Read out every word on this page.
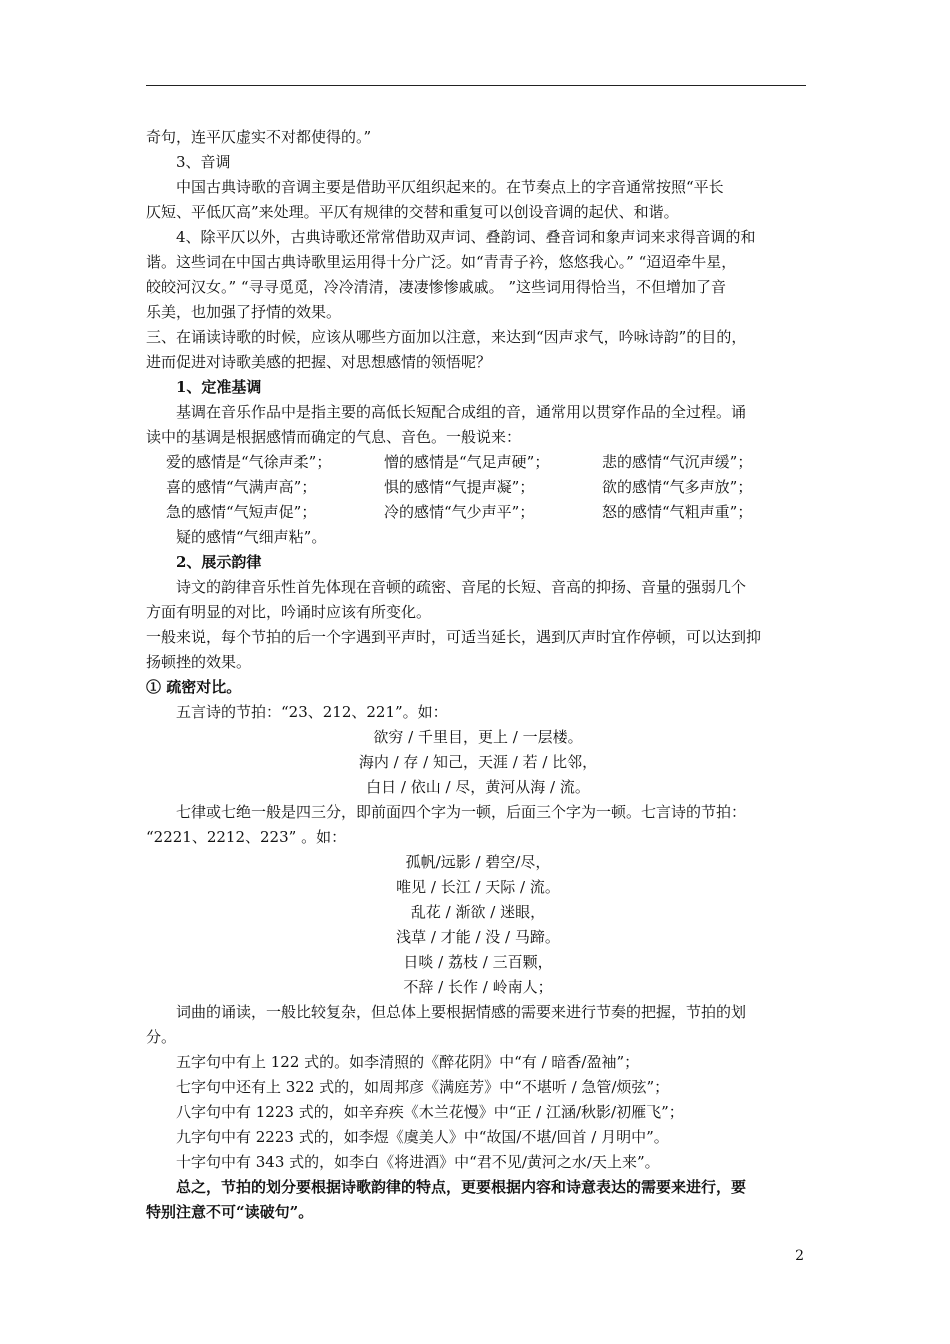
奇句，连平仄虚实不对都使得的。”
3、音调
中国古典诗歌的音调主要是借助平仄组织起来的。在节奏点上的字音通常按照“平长
仄短、平低仄高”来处理。平仄有规律的交替和重复可以创设音调的起伏、和谐。
4、除平仄以外，古典诗歌还常常借助双声词、叠韵词、叠音词和象声词来求得音调的和
谐。这些词在中国古典诗歌里运用得十分广泛。如“青青子衿，悠悠我心。” “迢迢牵牛星，
皎皎河汉女。” “寻寻觅觅，冷冷清清，凄凄惨惨戚戚。 ”这些词用得恰当，不但增加了音
乐美，也加强了抒情的效果。
三、在诵读诗歌的时候，应该从哪些方面加以注意，来达到“因声求气，吟咏诗韵”的目的，
进而促进对诗歌美感的把握、对思想感情的领悟呢？
1、定准基调
基调在音乐作品中是指主要的高低长短配合成组的音，通常用以贯穿作品的全过程。诵
读中的基调是根据感情而确定的气息、音色。一般说来：
爱的感情是“气徐声柔”；	憎的感情是“气足声硬”；	悲的感情“气沉声缓”；
喜的感情“气满声高”；	惧的感情“气提声凝”；	欲的感情“气多声放”；
急的感情“气短声促”；	冷的感情“气少声平”；	怒的感情“气粗声重”；
疑的感情“气细声粘”。
2、展示韵律
诗文的韵律音乐性首先体现在音顿的疏密、音尾的长短、音高的抑扬、音量的强弱几个
方面有明显的对比，吟诵时应该有所变化。
一般来说，每个节拍的后一个字遇到平声时，可适当延长，遇到仄声时宜作停顿，可以达到抑
扬顿挫的效果。
① 疏密对比。
五言诗的节拍：“23、212、221”。如：
欲穷 / 千里目，更上 / 一层楼。
海内 / 存 / 知己，天涯 / 若 / 比邻，
白日 / 依山 / 尽，黄河从海 / 流。
七律或七绝一般是四三分，即前面四个字为一顿，后面三个字为一顿。七言诗的节拍：
“2221、2212、223” 。如：
孤帆/远影 / 碧空/尽，
唯见 / 长江 / 天际 / 流。
乱花 / 渐欲 / 迷眼，
浅草 / 才能 / 没 / 马蹄。
日啖 / 荔枝 / 三百颗，
不辞 / 长作 / 岭南人；
词曲的诵读，一般比较复杂，但总体上要根据情感的需要来进行节奏的把握，节拍的划
分。
五字句中有上 122 式的。如李清照的《醉花阴》中“有 / 暗香/盈袖”；
七字句中还有上 322 式的，如周邦彦《满庭芳》中“不堪听 / 急管/烦弦”；
八字句中有 1223 式的，如辛弃疾《木兰花慢》中“正 / 江涵/秋影/初雁飞”；
九字句中有 2223 式的，如李煜《虞美人》中“故国/不堪/回首 / 月明中”。
十字句中有 343 式的，如李白《将进酒》中“君不见/黄河之水/天上来”。
总之，节拍的划分要根据诗歌韵律的特点，更要根据内容和诗意表达的需要来进行，要
特别注意不可“读破句”。
2
